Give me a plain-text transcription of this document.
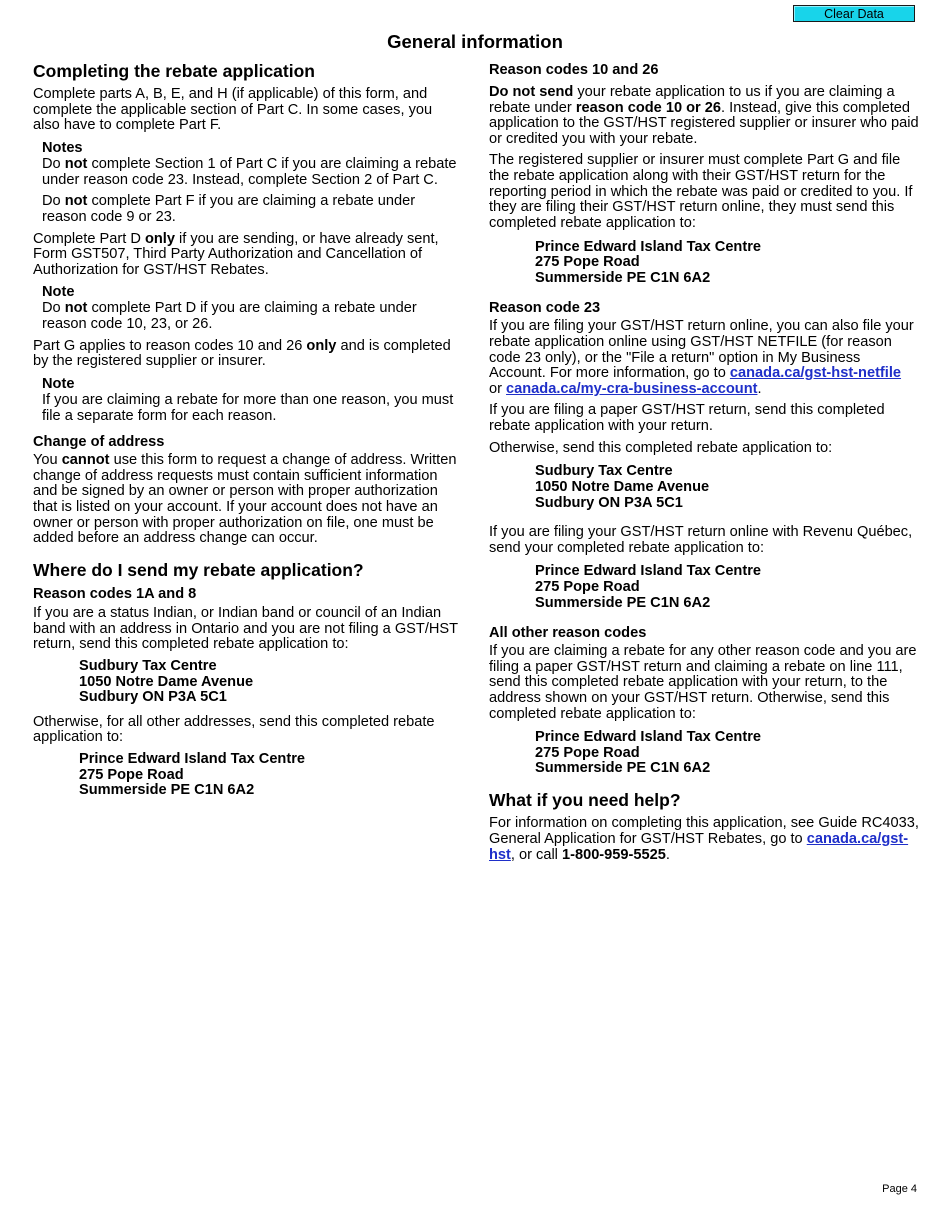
Clear Data
General information
Completing the rebate application

Complete parts A, B, E, and H (if applicable) of this form, and complete the applicable section of Part C. In some cases, you also have to complete Part F.

Notes

Do not complete Section 1 of Part C if you are claiming a rebate under reason code 23. Instead, complete Section 2 of Part C.

Do not complete Part F if you are claiming a rebate under reason code 9 or 23.

Complete Part D only if you are sending, or have already sent, Form GST507, Third Party Authorization and Cancellation of Authorization for GST/HST Rebates.

Note

Do not complete Part D if you are claiming a rebate under reason code 10, 23, or 26.

Part G applies to reason codes 10 and 26 only and is completed by the registered supplier or insurer.

Note

If you are claiming a rebate for more than one reason, you must file a separate form for each reason.

Change of address

You cannot use this form to request a change of address. Written change of address requests must contain sufficient information and be signed by an owner or person with proper authorization that is listed on your account. If your account does not have an owner or person with proper authorization on file, one must be added before an address change can occur.

Where do I send my rebate application?
Reason codes 1A and 8

If you are a status Indian, or Indian band or council of an Indian band with an address in Ontario and you are not filing a GST/HST return, send this completed rebate application to:

Sudbury Tax Centre
1050 Notre Dame Avenue
Sudbury ON P3A 5C1

Otherwise, for all other addresses, send this completed rebate application to:

Prince Edward Island Tax Centre
275 Pope Road
Summerside PE C1N 6A2
Reason codes 10 and 26

Do not send your rebate application to us if you are claiming a rebate under reason code 10 or 26. Instead, give this completed application to the GST/HST registered supplier or insurer who paid or credited you with your rebate.

The registered supplier or insurer must complete Part G and file the rebate application along with their GST/HST return for the reporting period in which the rebate was paid or credited to you. If they are filing their GST/HST return online, they must send this completed rebate application to:

Prince Edward Island Tax Centre
275 Pope Road
Summerside PE C1N 6A2
Reason code 23

If you are filing your GST/HST return online, you can also file your rebate application online using GST/HST NETFILE (for reason code 23 only), or the "File a return" option in My Business Account. For more information, go to canada.ca/gst-hst-netfile
or canada.ca/my-cra-business-account.

If you are filing a paper GST/HST return, send this completed rebate application with your return.

Otherwise, send this completed rebate application to:

Sudbury Tax Centre
1050 Notre Dame Avenue
Sudbury ON P3A 5C1

If you are filing your GST/HST return online with Revenu Québec, send your completed rebate application to:

Prince Edward Island Tax Centre
275 Pope Road
Summerside PE C1N 6A2
All other reason codes

If you are claiming a rebate for any other reason code and you are filing a paper GST/HST return and claiming a rebate on line 111, send this completed rebate application with your return, to the address shown on your GST/HST return. Otherwise, send this completed rebate application to:

Prince Edward Island Tax Centre
275 Pope Road
Summerside PE C1N 6A2
What if you need help?

For information on completing this application, see Guide RC4033, General Application for GST/HST Rebates, go to canada.ca/gst-hst, or call 1-800-959-5525.

Page 4
